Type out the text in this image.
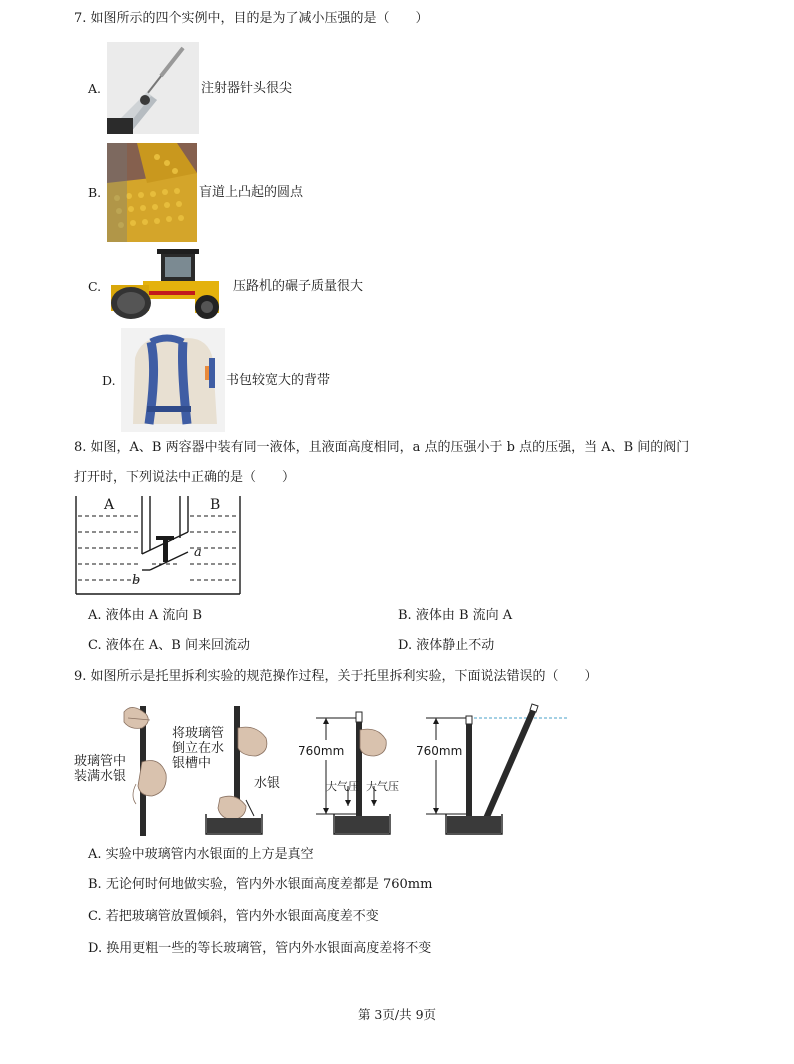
7. 如图所示的四个实例中，目的是为了减小压强的是（　　）
A.	注射器针头很尖
B.	盲道上凸起的圆点
C.	压路机的碾子质量很大
D.	书包较宽大的背带
8. 如图，A、B 两容器中装有同一液体，且液面高度相同，a 点的压强小于 b 点的压强，当 A、B 间的阀门
打开时，下列说法中正确的是（　　）
A	B
a
b
A. 液体由 A 流向 B	B. 液体由 B 流向 A
C. 液体在 A、B 间来回流动	D. 液体静止不动
9. 如图所示是托里拆利实验的规范操作过程，关于托里拆利实验，下面说法错误的（　　）
玻璃管中
装满水银
将玻璃管
倒立在水
银槽中
水银
760mm
大气压 大气压
760mm
A. 实验中玻璃管内水银面的上方是真空
B. 无论何时何地做实验，管内外水银面高度差都是 760mm
C. 若把玻璃管放置倾斜，管内外水银面高度差不变
D. 换用更粗一些的等长玻璃管，管内外水银面高度差将不变
第 3页/共 9页
